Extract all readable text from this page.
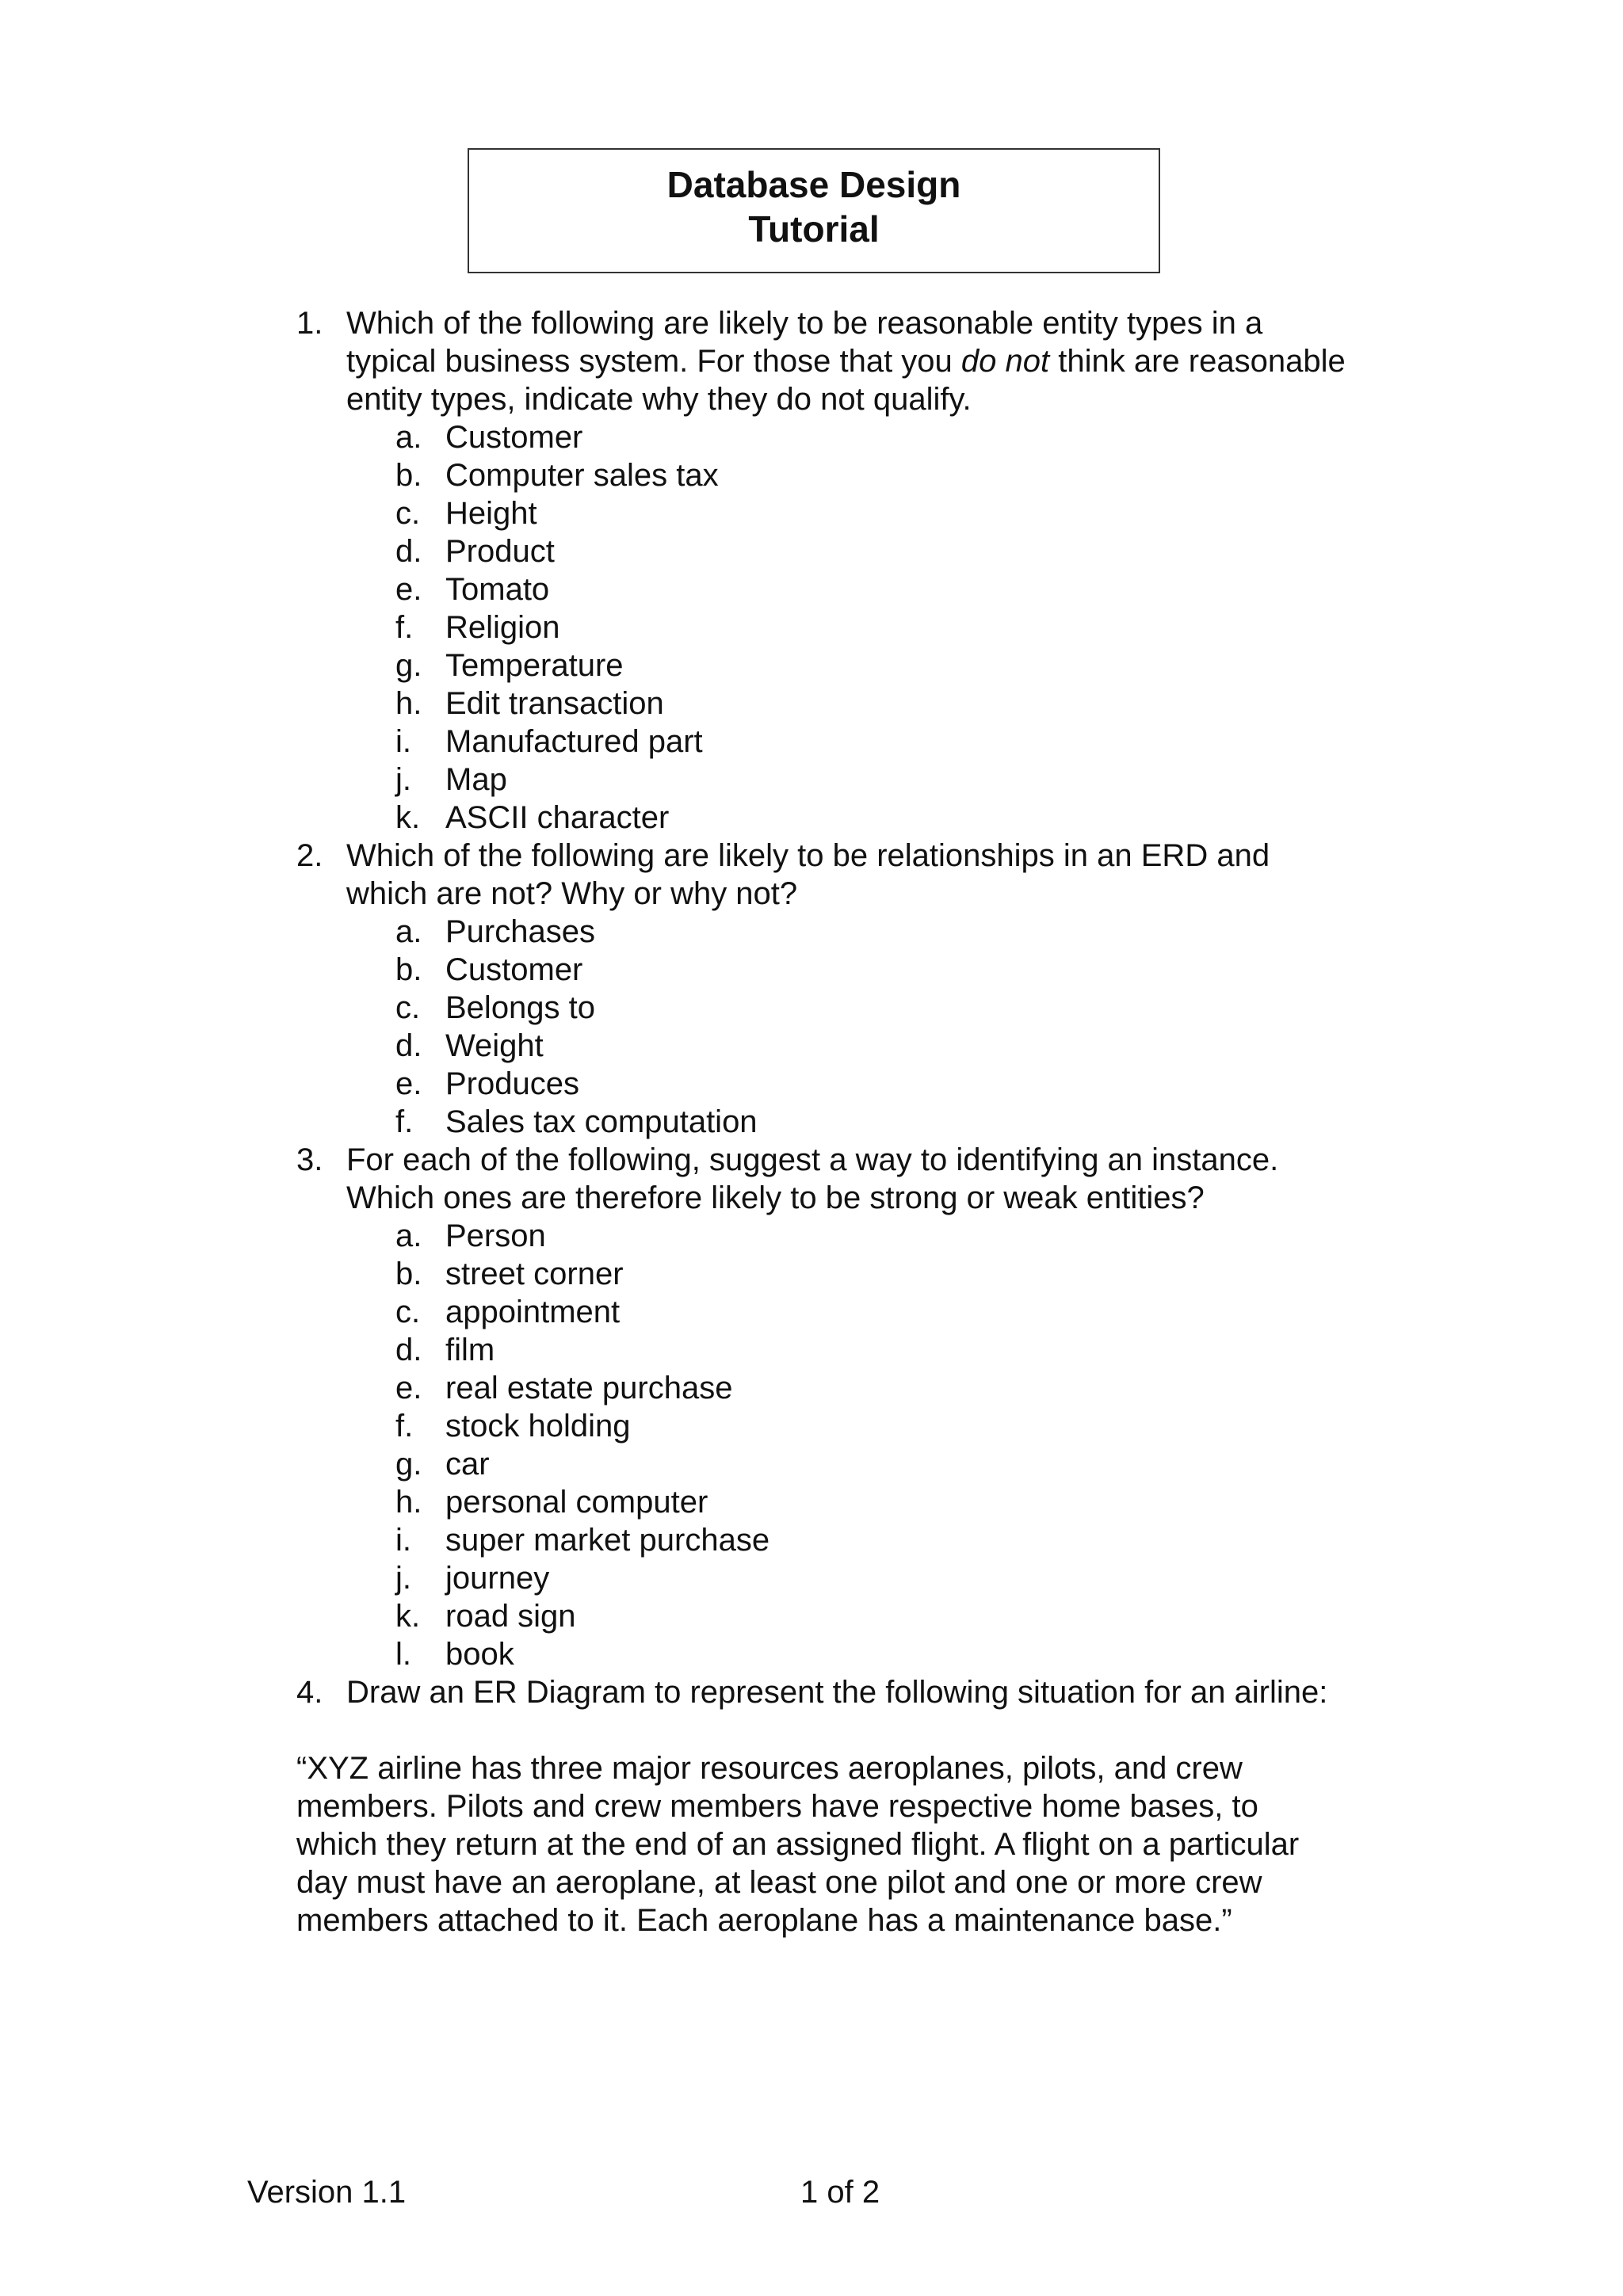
Database Design
Tutorial
1. Which of the following are likely to be reasonable entity types in a
typical business system. For those that you do not think are reasonable
entity types, indicate why they do not qualify.
a. Customer
b. Computer sales tax
c. Height
d. Product
e. Tomato
f. Religion
g. Temperature
h. Edit transaction
i. Manufactured part
j. Map
k. ASCII character
2. Which of the following are likely to be relationships in an ERD and
which are not? Why or why not?
a. Purchases
b. Customer
c. Belongs to
d. Weight
e. Produces
f. Sales tax computation
3. For each of the following, suggest a way to identifying an instance.
Which ones are therefore likely to be strong or weak entities?
a. Person
b. street corner
c. appointment
d. film
e. real estate purchase
f. stock holding
g. car
h. personal computer
i. super market purchase
j. journey
k. road sign
l. book
4. Draw an ER Diagram to represent the following situation for an airline:
“XYZ airline has three major resources aeroplanes, pilots, and crew
members. Pilots and crew members have respective home bases, to
which they return at the end of an assigned flight. A flight on a particular
day must have an aeroplane, at least one pilot and one or more crew
members attached to it. Each aeroplane has a maintenance base.”
Version 1.1	1 of 2
